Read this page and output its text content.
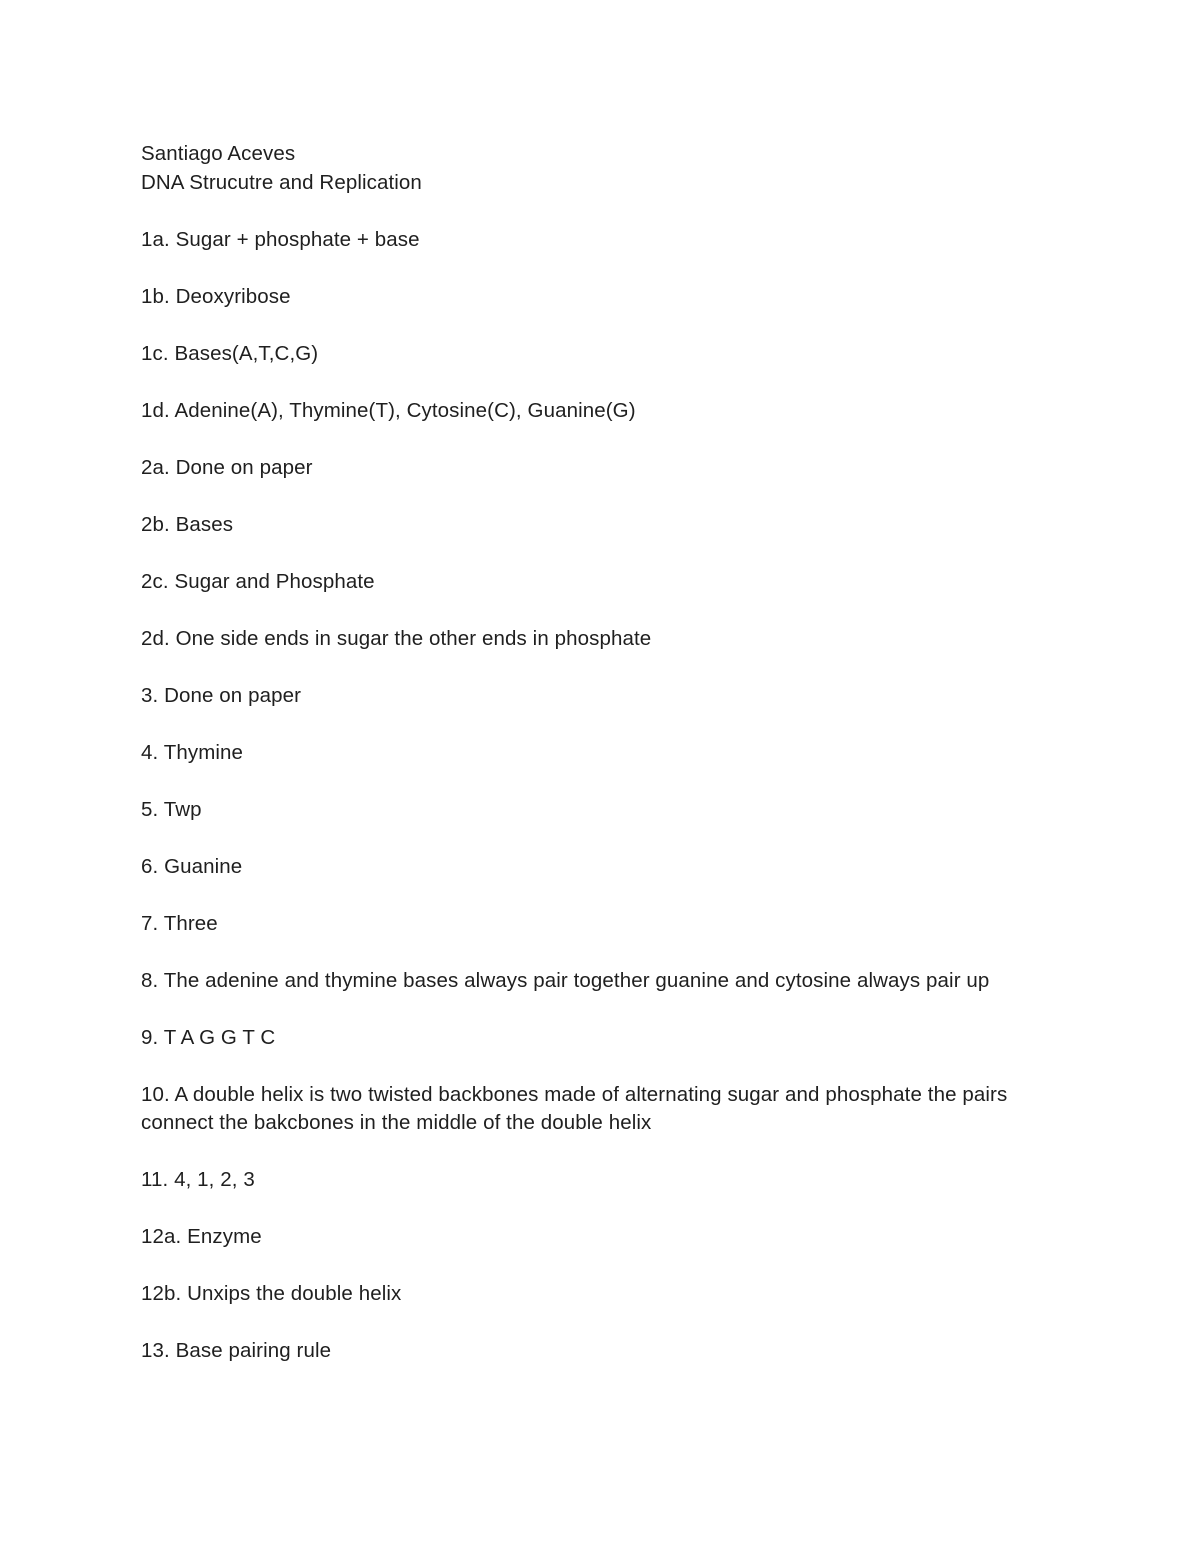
Santiago Aceves

DNA Strucutre and Replication

1a. Sugar + phosphate + base

1b. Deoxyribose

1c. Bases(A,T,C,G)

1d. Adenine(A), Thymine(T), Cytosine(C), Guanine(G)

2a. Done on paper

2b. Bases

2c. Sugar and Phosphate

2d. One side ends in sugar the other ends in phosphate

3. Done on paper

4. Thymine

5. Twp

6. Guanine

7. Three

8. The adenine and thymine bases always pair together guanine and cytosine always pair up

9. T A G G T C

10. A double helix is two twisted backbones made of alternating sugar and phosphate the pairs connect the bakcbones in the middle of the double helix

11. 4, 1, 2, 3

12a. Enzyme

12b. Unxips the double helix

13. Base pairing rule
